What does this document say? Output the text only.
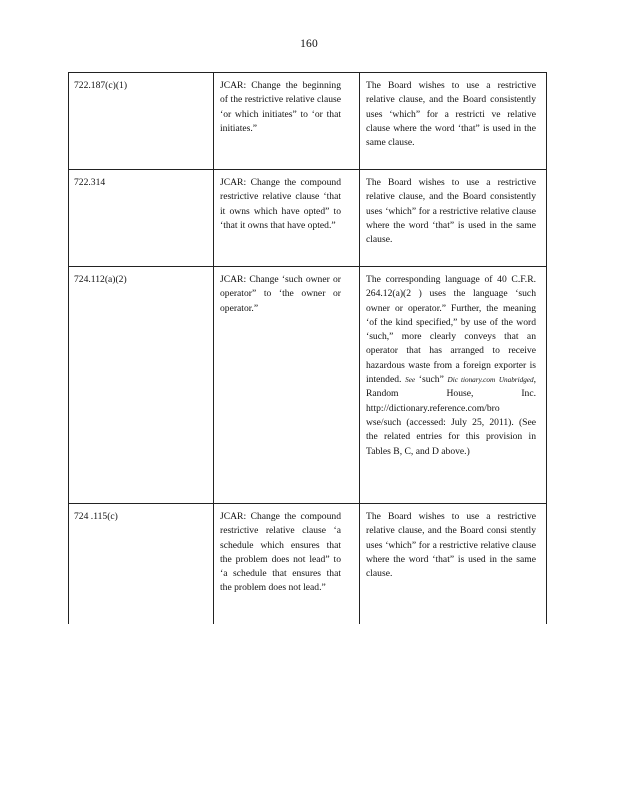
160
722.187(c)(1)	JCAR: Change the beginning of the restrictive relative clause ‘or which initiates” to ‘or that initiates.”	The Board wishes to use a restrictive relative clause, and the Board consistently uses ‘which” for a restricti ve relative clause where the word ‘that” is used in the same clause.
722.314	JCAR: Change the compound restrictive relative clause ‘that it owns which have opted” to ‘that it owns that have opted.”	The Board wishes to use a restrictive relative clause, and the Board consistently uses ‘which” for a restrictive relative clause where the word ‘that” is used in the same clause.
724.112(a)(2)	JCAR: Change ‘such owner or operator” to ‘the owner or operator.”	The corresponding language of 40 C.F.R. 264.12(a)(2 ) uses the language ‘such owner or operator.” Further, the meaning ‘of the kind specified,” by use of the word ‘such,” more clearly conveys that an operator that has arranged to receive hazardous waste from a foreign exporter is intended. See ‘such” Dic tionary.com Unabridged, Random House, Inc. http://dictionary.reference.com/bro wse/such (accessed: July 25, 2011). (See the related entries for this provision in Tables B, C, and D above.)
724 .115(c)	JCAR: Change the compound restrictive relative clause ‘a schedule which ensures that the problem does not lead” to ‘a schedule that ensures that the problem does not lead.”	The Board wishes to use a restrictive relative clause, and the Board consi stently uses ‘which” for a restrictive relative clause where the word ‘that” is used in the same clause.
